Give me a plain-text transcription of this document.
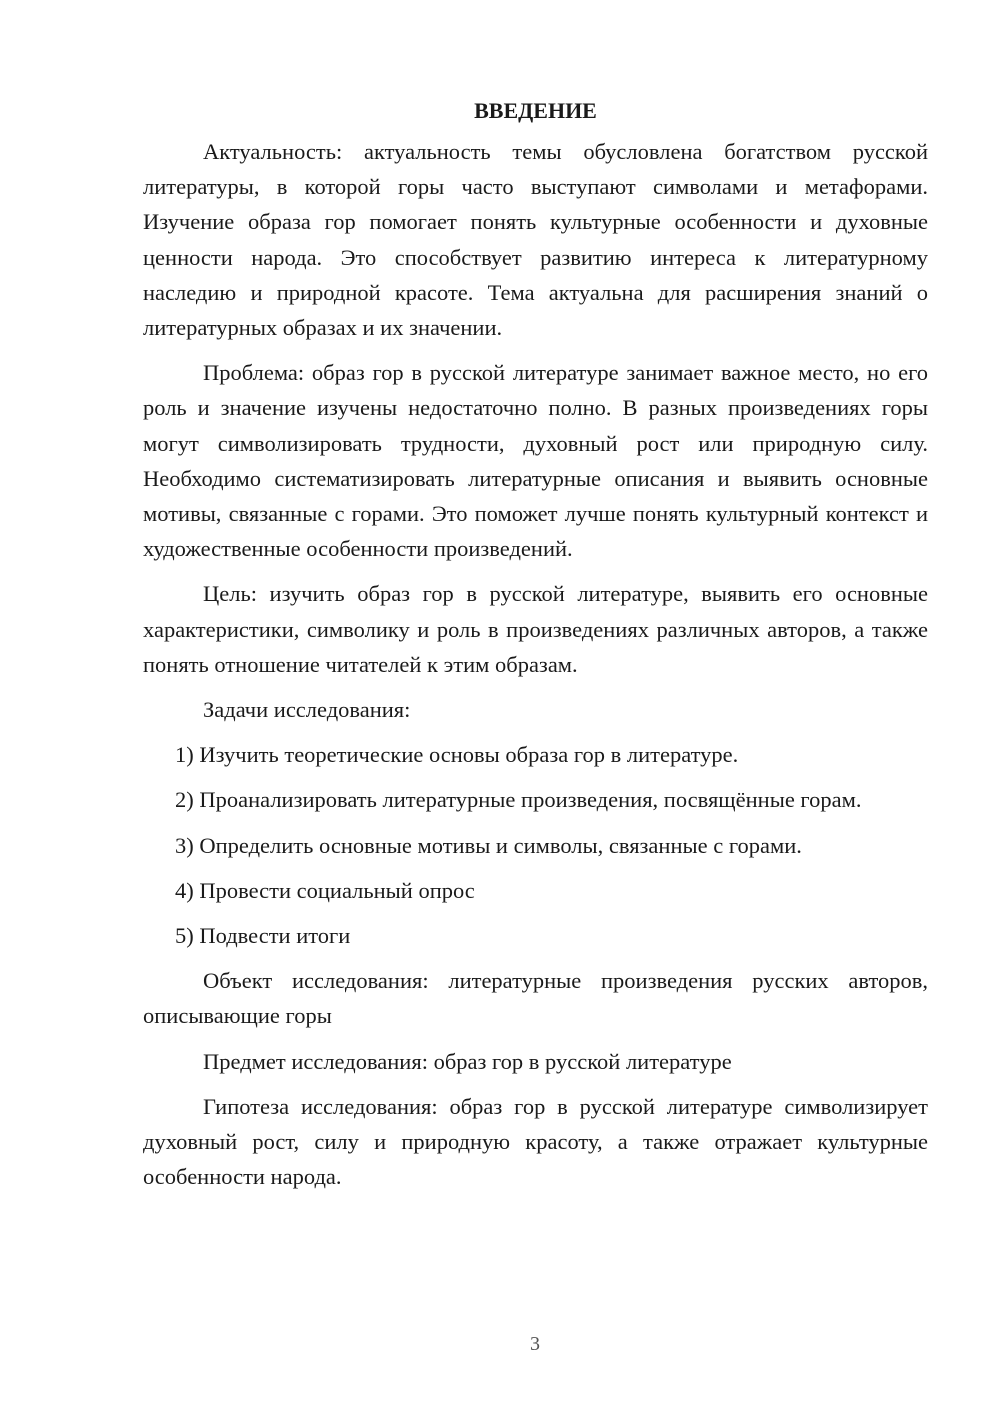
ВВЕДЕНИЕ

Актуальность: актуальность темы обусловлена богатством русской литературы, в которой горы часто выступают символами и метафорами. Изучение образа гор помогает понять культурные особенности и духовные ценности народа. Это способствует развитию интереса к литературному наследию и природной красоте. Тема актуальна для расширения знаний о литературных образах и их значении.

Проблема: образ гор в русской литературе занимает важное место, но его роль и значение изучены недостаточно полно. В разных произведениях горы могут символизировать трудности, духовный рост или природную силу. Необходимо систематизировать литературные описания и выявить основные мотивы, связанные с горами. Это поможет лучше понять культурный контекст и художественные особенности произведений.

Цель: изучить образ гор в русской литературе, выявить его основные характеристики, символику и роль в произведениях различных авторов, а также понять отношение читателей к этим образам.

Задачи исследования:

1) Изучить теоретические основы образа гор в литературе.

2) Проанализировать литературные произведения, посвящённые горам.

3) Определить основные мотивы и символы, связанные с горами.

4) Провести социальный опрос

5) Подвести итоги

Объект исследования: литературные произведения русских авторов, описывающие горы

Предмет исследования: образ гор в русской литературе

Гипотеза исследования: образ гор в русской литературе символизирует духовный рост, силу и природную красоту, а также отражает культурные особенности народа.

3
